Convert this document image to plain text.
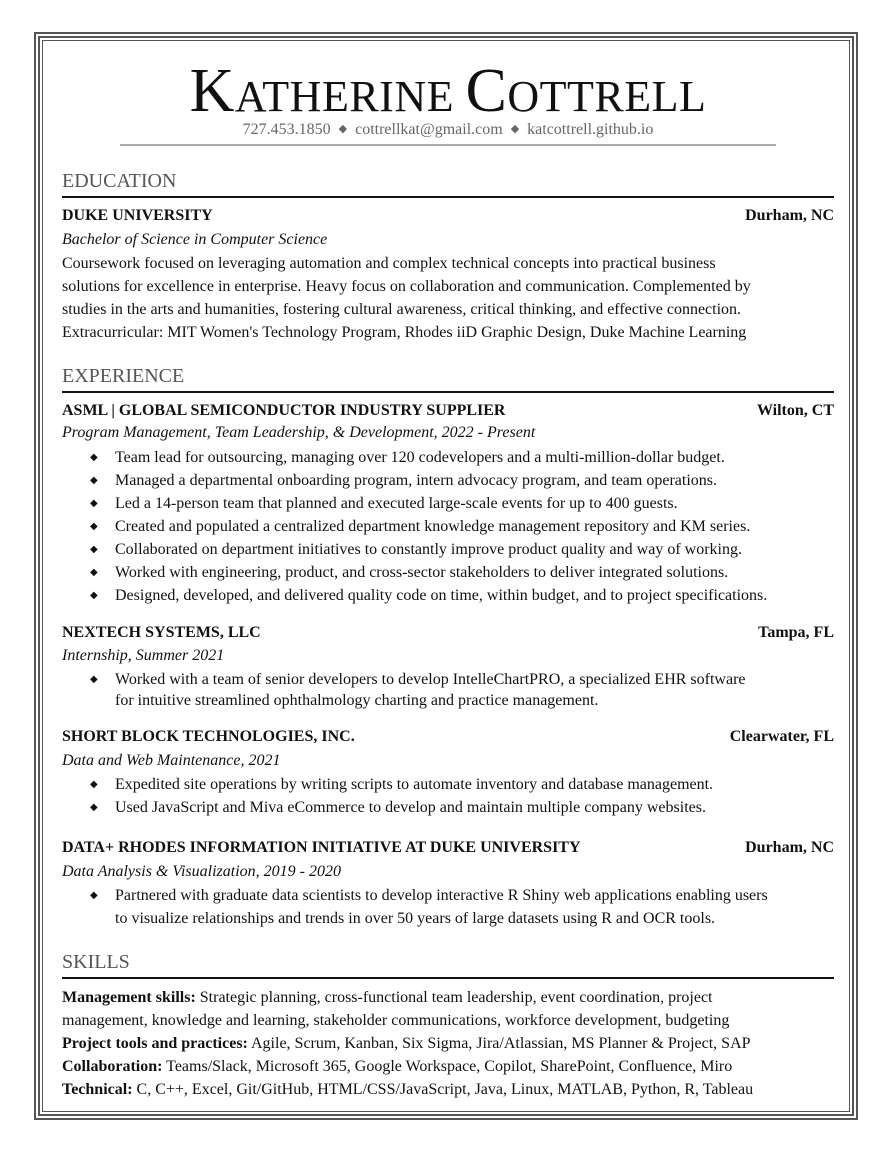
KATHERINE COTTRELL
727.453.1850 ◆ cottrellkat@gmail.com ◆ katcottrell.github.io
EDUCATION
DUKE UNIVERSITY	Durham, NC
Bachelor of Science in Computer Science
Coursework focused on leveraging automation and complex technical concepts into practical business
solutions for excellence in enterprise. Heavy focus on collaboration and communication. Complemented by
studies in the arts and humanities, fostering cultural awareness, critical thinking, and effective connection.
Extracurricular: MIT Women's Technology Program, Rhodes iiD Graphic Design, Duke Machine Learning
EXPERIENCE
ASML | GLOBAL SEMICONDUCTOR INDUSTRY SUPPLIER	Wilton, CT
Program Management, Team Leadership, & Development, 2022 - Present
◆ Team lead for outsourcing, managing over 120 codevelopers and a multi-million-dollar budget.
◆ Managed a departmental onboarding program, intern advocacy program, and team operations.
◆ Led a 14-person team that planned and executed large-scale events for up to 400 guests.
◆ Created and populated a centralized department knowledge management repository and KM series.
◆ Collaborated on department initiatives to constantly improve product quality and way of working.
◆ Worked with engineering, product, and cross-sector stakeholders to deliver integrated solutions.
◆ Designed, developed, and delivered quality code on time, within budget, and to project specifications.
NEXTECH SYSTEMS, LLC	Tampa, FL
Internship, Summer 2021
◆ Worked with a team of senior developers to develop IntelleChartPRO, a specialized EHR software
for intuitive streamlined ophthalmology charting and practice management.
SHORT BLOCK TECHNOLOGIES, INC.	Clearwater, FL
Data and Web Maintenance, 2021
◆ Expedited site operations by writing scripts to automate inventory and database management.
◆ Used JavaScript and Miva eCommerce to develop and maintain multiple company websites.
DATA+ RHODES INFORMATION INITIATIVE AT DUKE UNIVERSITY	Durham, NC
Data Analysis & Visualization, 2019 - 2020
◆ Partnered with graduate data scientists to develop interactive R Shiny web applications enabling users
to visualize relationships and trends in over 50 years of large datasets using R and OCR tools.
SKILLS
Management skills: Strategic planning, cross-functional team leadership, event coordination, project
management, knowledge and learning, stakeholder communications, workforce development, budgeting
Project tools and practices: Agile, Scrum, Kanban, Six Sigma, Jira/Atlassian, MS Planner & Project, SAP
Collaboration: Teams/Slack, Microsoft 365, Google Workspace, Copilot, SharePoint, Confluence, Miro
Technical: C, C++, Excel, Git/GitHub, HTML/CSS/JavaScript, Java, Linux, MATLAB, Python, R, Tableau
